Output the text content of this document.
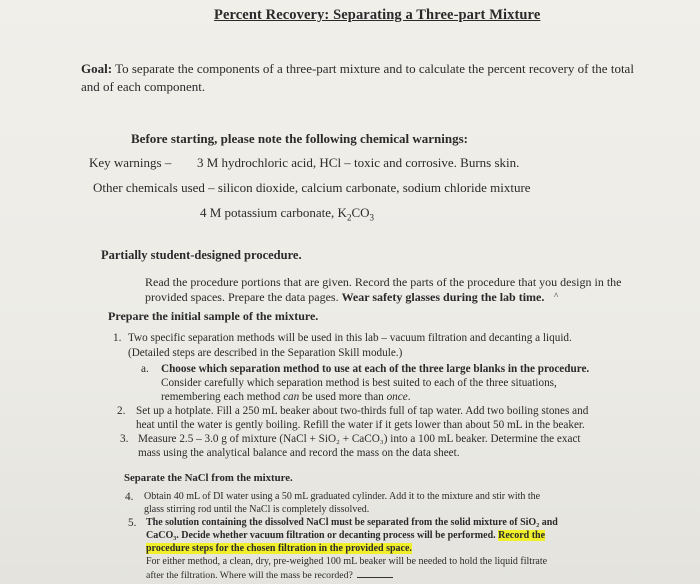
Percent Recovery: Separating a Three-part Mixture
Goal: To separate the components of a three-part mixture and to calculate the percent recovery of the total
and of each component.
Before starting, please note the following chemical warnings:
Key warnings – 3 M hydrochloric acid, HCl – toxic and corrosive. Burns skin.
Other chemicals used – silicon dioxide, calcium carbonate, sodium chloride mixture
4 M potassium carbonate, $K_2CO_3$
Partially student-designed procedure.
Read the procedure portions that are given. Record the parts of the procedure that you design in the
provided spaces. Prepare the data pages. Wear safety glasses during the lab time. ^
Prepare the initial sample of the mixture.
1. Two specific separation methods will be used in this lab – vacuum filtration and decanting a liquid.
(Detailed steps are described in the Separation Skill module.)
a. Choose which separation method to use at each of the three large blanks in the procedure.
Consider carefully which separation method is best suited to each of the three situations,
remembering each method can be used more than once.
2. Set up a hotplate. Fill a 250 mL beaker about two-thirds full of tap water. Add two boiling stones and
heat until the water is gently boiling. Refill the water if it gets lower than about 50 mL in the beaker.
3. Measure 2.5 – 3.0 g of mixture (NaCl + SiO₂ + CaCO₃) into a 100 mL beaker. Determine the exact
mass using the analytical balance and record the mass on the data sheet.
Separate the NaCl from the mixture.
4. Obtain 40 mL of DI water using a 50 mL graduated cylinder. Add it to the mixture and stir with the
glass stirring rod until the NaCl is completely dissolved.
5. The solution containing the dissolved NaCl must be separated from the solid mixture of SiO₂ and
CaCO₃. Decide whether vacuum filtration or decanting process will be performed. Record the
procedure steps for the chosen filtration in the provided space.
For either method, a clean, dry, pre-weighed 100 mL beaker will be needed to hold the liquid filtrate
after the filtration. Where will the mass be recorded?
